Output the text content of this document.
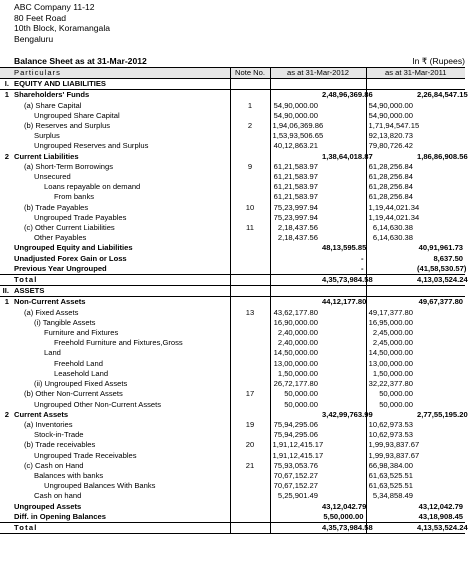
ABC Company 11-12
80 Feet Road
10th Block, Koramangala
Bengaluru
Balance Sheet as at 31-Mar-2012	In ₹ (Rupees)
Particulars		Note No.	as at 31-Mar-2012		as at 31-Mar-2011	
I.	EQUITY AND LIABILITIES					
1	Shareholders' Funds			2,48,96,369.86		2,26,84,547.15
	(a) Share Capital	1	54,90,000.00		54,90,000.00	
	Ungrouped Share Capital		54,90,000.00		54,90,000.00	
	(b) Reserves and Surplus	2	1,94,06,369.86		1,71,94,547.15	
	Surplus		1,53,93,506.65		92,13,820.73	
	Ungrouped Reserves and Surplus		40,12,863.21		79,80,726.42	
2	Current Liabilities			1,38,64,018.87		1,86,86,908.56
	(a) Short-Term Borrowings	9	61,21,583.97		61,28,256.84	
	Unsecured		61,21,583.97		61,28,256.84	
	Loans repayable on demand		61,21,583.97		61,28,256.84	
	From banks		61,21,583.97		61,28,256.84	
	(b) Trade Payables	10	75,23,997.94		1,19,44,021.34	
	Ungrouped Trade Payables		75,23,997.94		1,19,44,021.34	
	(c) Other Current Liabilities	11	2,18,437.56		6,14,630.38	
	Other Payables		2,18,437.56		6,14,630.38	
	Ungrouped Equity and Liabilities			48,13,595.85		40,91,961.73
	Unadjusted Forex Gain or Loss			-		8,637.50
	Previous Year Ungrouped			-		(41,58,530.57)
	Total			4,35,73,984.58		4,13,03,524.24
II.	ASSETS					
1	Non-Current Assets			44,12,177.80		49,67,377.80
	(a) Fixed Assets	13	43,62,177.80		49,17,377.80	
	(i) Tangible Assets		16,90,000.00		16,95,000.00	
	Furniture and Fixtures		2,40,000.00		2,45,000.00	
	Freehold Furniture and Fixtures,Gross		2,40,000.00		2,45,000.00	
	Land		14,50,000.00		14,50,000.00	
	Freehold Land		13,00,000.00		13,00,000.00	
	Leasehold Land		1,50,000.00		1,50,000.00	
	(ii) Ungrouped Fixed Assets		26,72,177.80		32,22,377.80	
	(b) Other Non-Current Assets	17	50,000.00		50,000.00	
	Ungrouped Other Non-Current Assets		50,000.00		50,000.00	
2	Current Assets			3,42,99,763.99		2,77,55,195.20
	(a) Inventories	19	75,94,295.06		10,62,973.53	
	Stock-in-Trade		75,94,295.06		10,62,973.53	
	(b) Trade receivables	20	1,91,12,415.17		1,99,93,837.67	
	Ungrouped Trade Receivables		1,91,12,415.17		1,99,93,837.67	
	(c) Cash on Hand	21	75,93,053.76		66,98,384.00	
	Balances with banks		70,67,152.27		61,63,525.51	
	Ungrouped Balances With Banks		70,67,152.27		61,63,525.51	
	Cash on hand		5,25,901.49		5,34,858.49	
	Ungrouped Assets			43,12,042.79		43,12,042.79
	Diff. in Opening Balances			5,50,000.00		43,18,908.45
	Total			4,35,73,984.58		4,13,53,524.24
